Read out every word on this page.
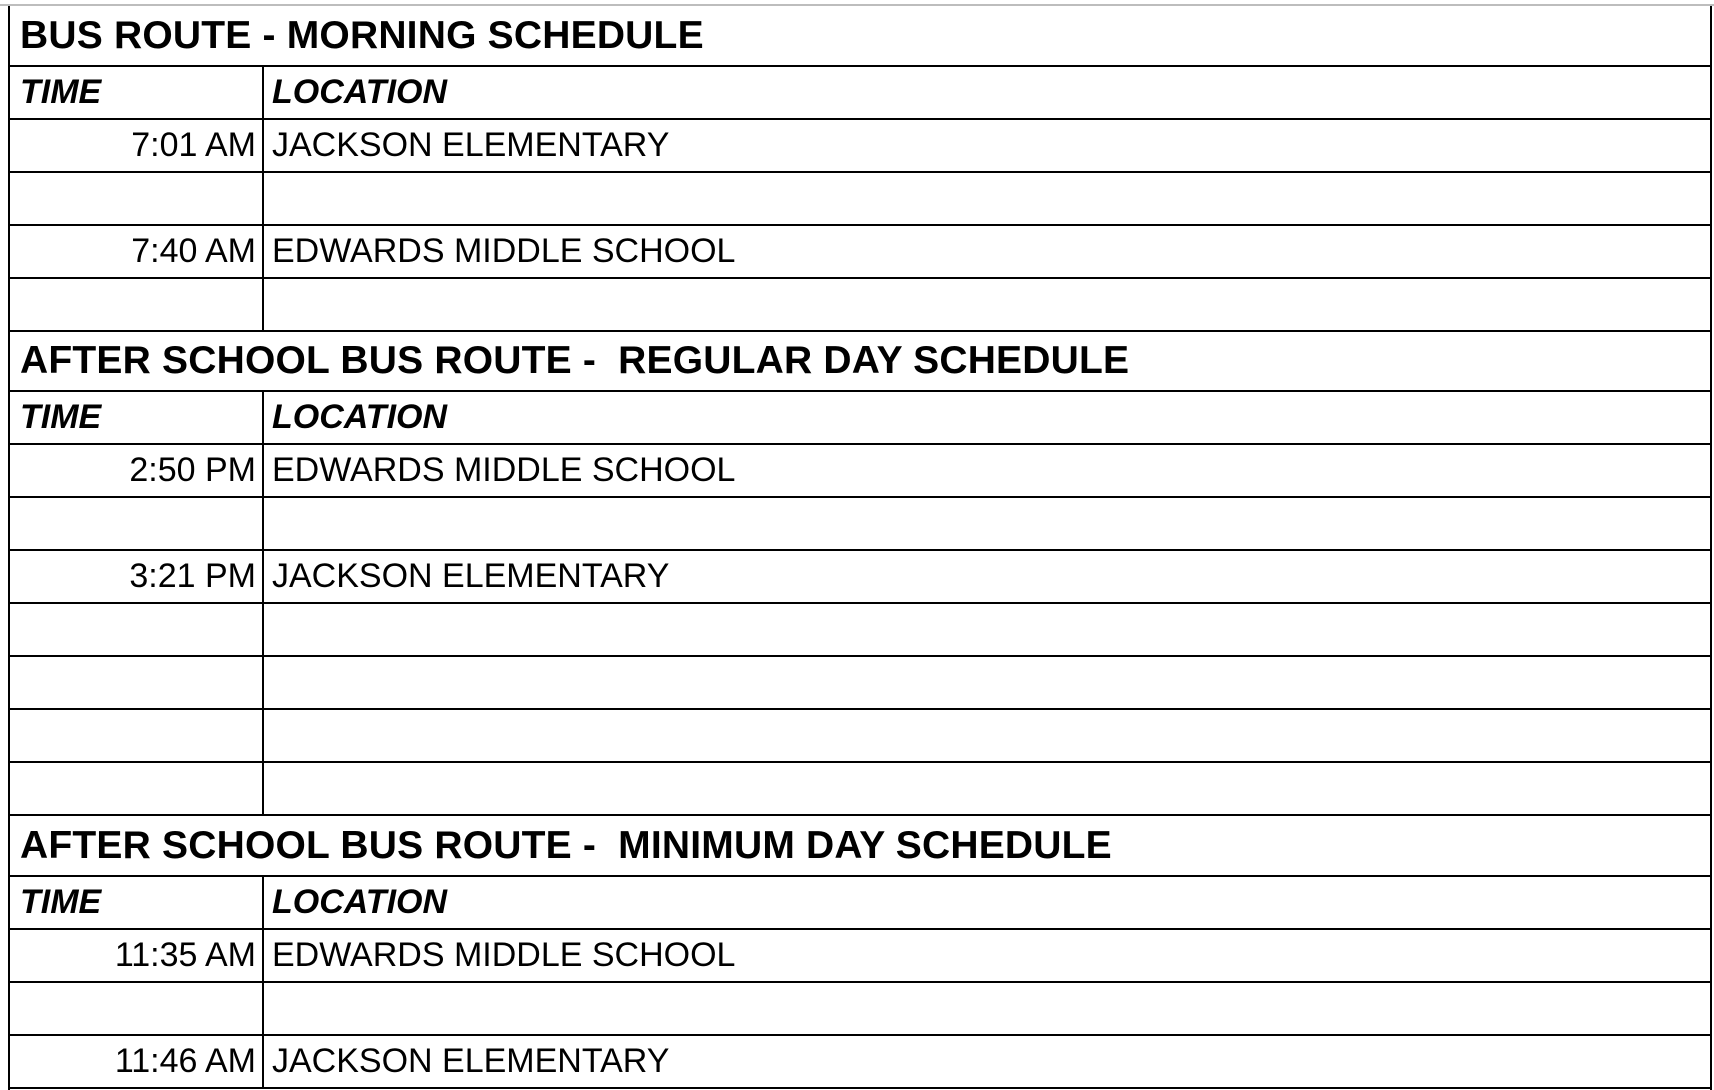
BUS ROUTE - MORNING SCHEDULE
TIME	LOCATION
7:01 AM JACKSON ELEMENTARY
7:40 AM EDWARDS MIDDLE SCHOOL
AFTER SCHOOL BUS ROUTE -  REGULAR DAY SCHEDULE
TIME	LOCATION
2:50 PM EDWARDS MIDDLE SCHOOL
3:21 PM JACKSON ELEMENTARY
AFTER SCHOOL BUS ROUTE -  MINIMUM DAY SCHEDULE
TIME	LOCATION
11:35 AM EDWARDS MIDDLE SCHOOL
11:46 AM JACKSON ELEMENTARY
